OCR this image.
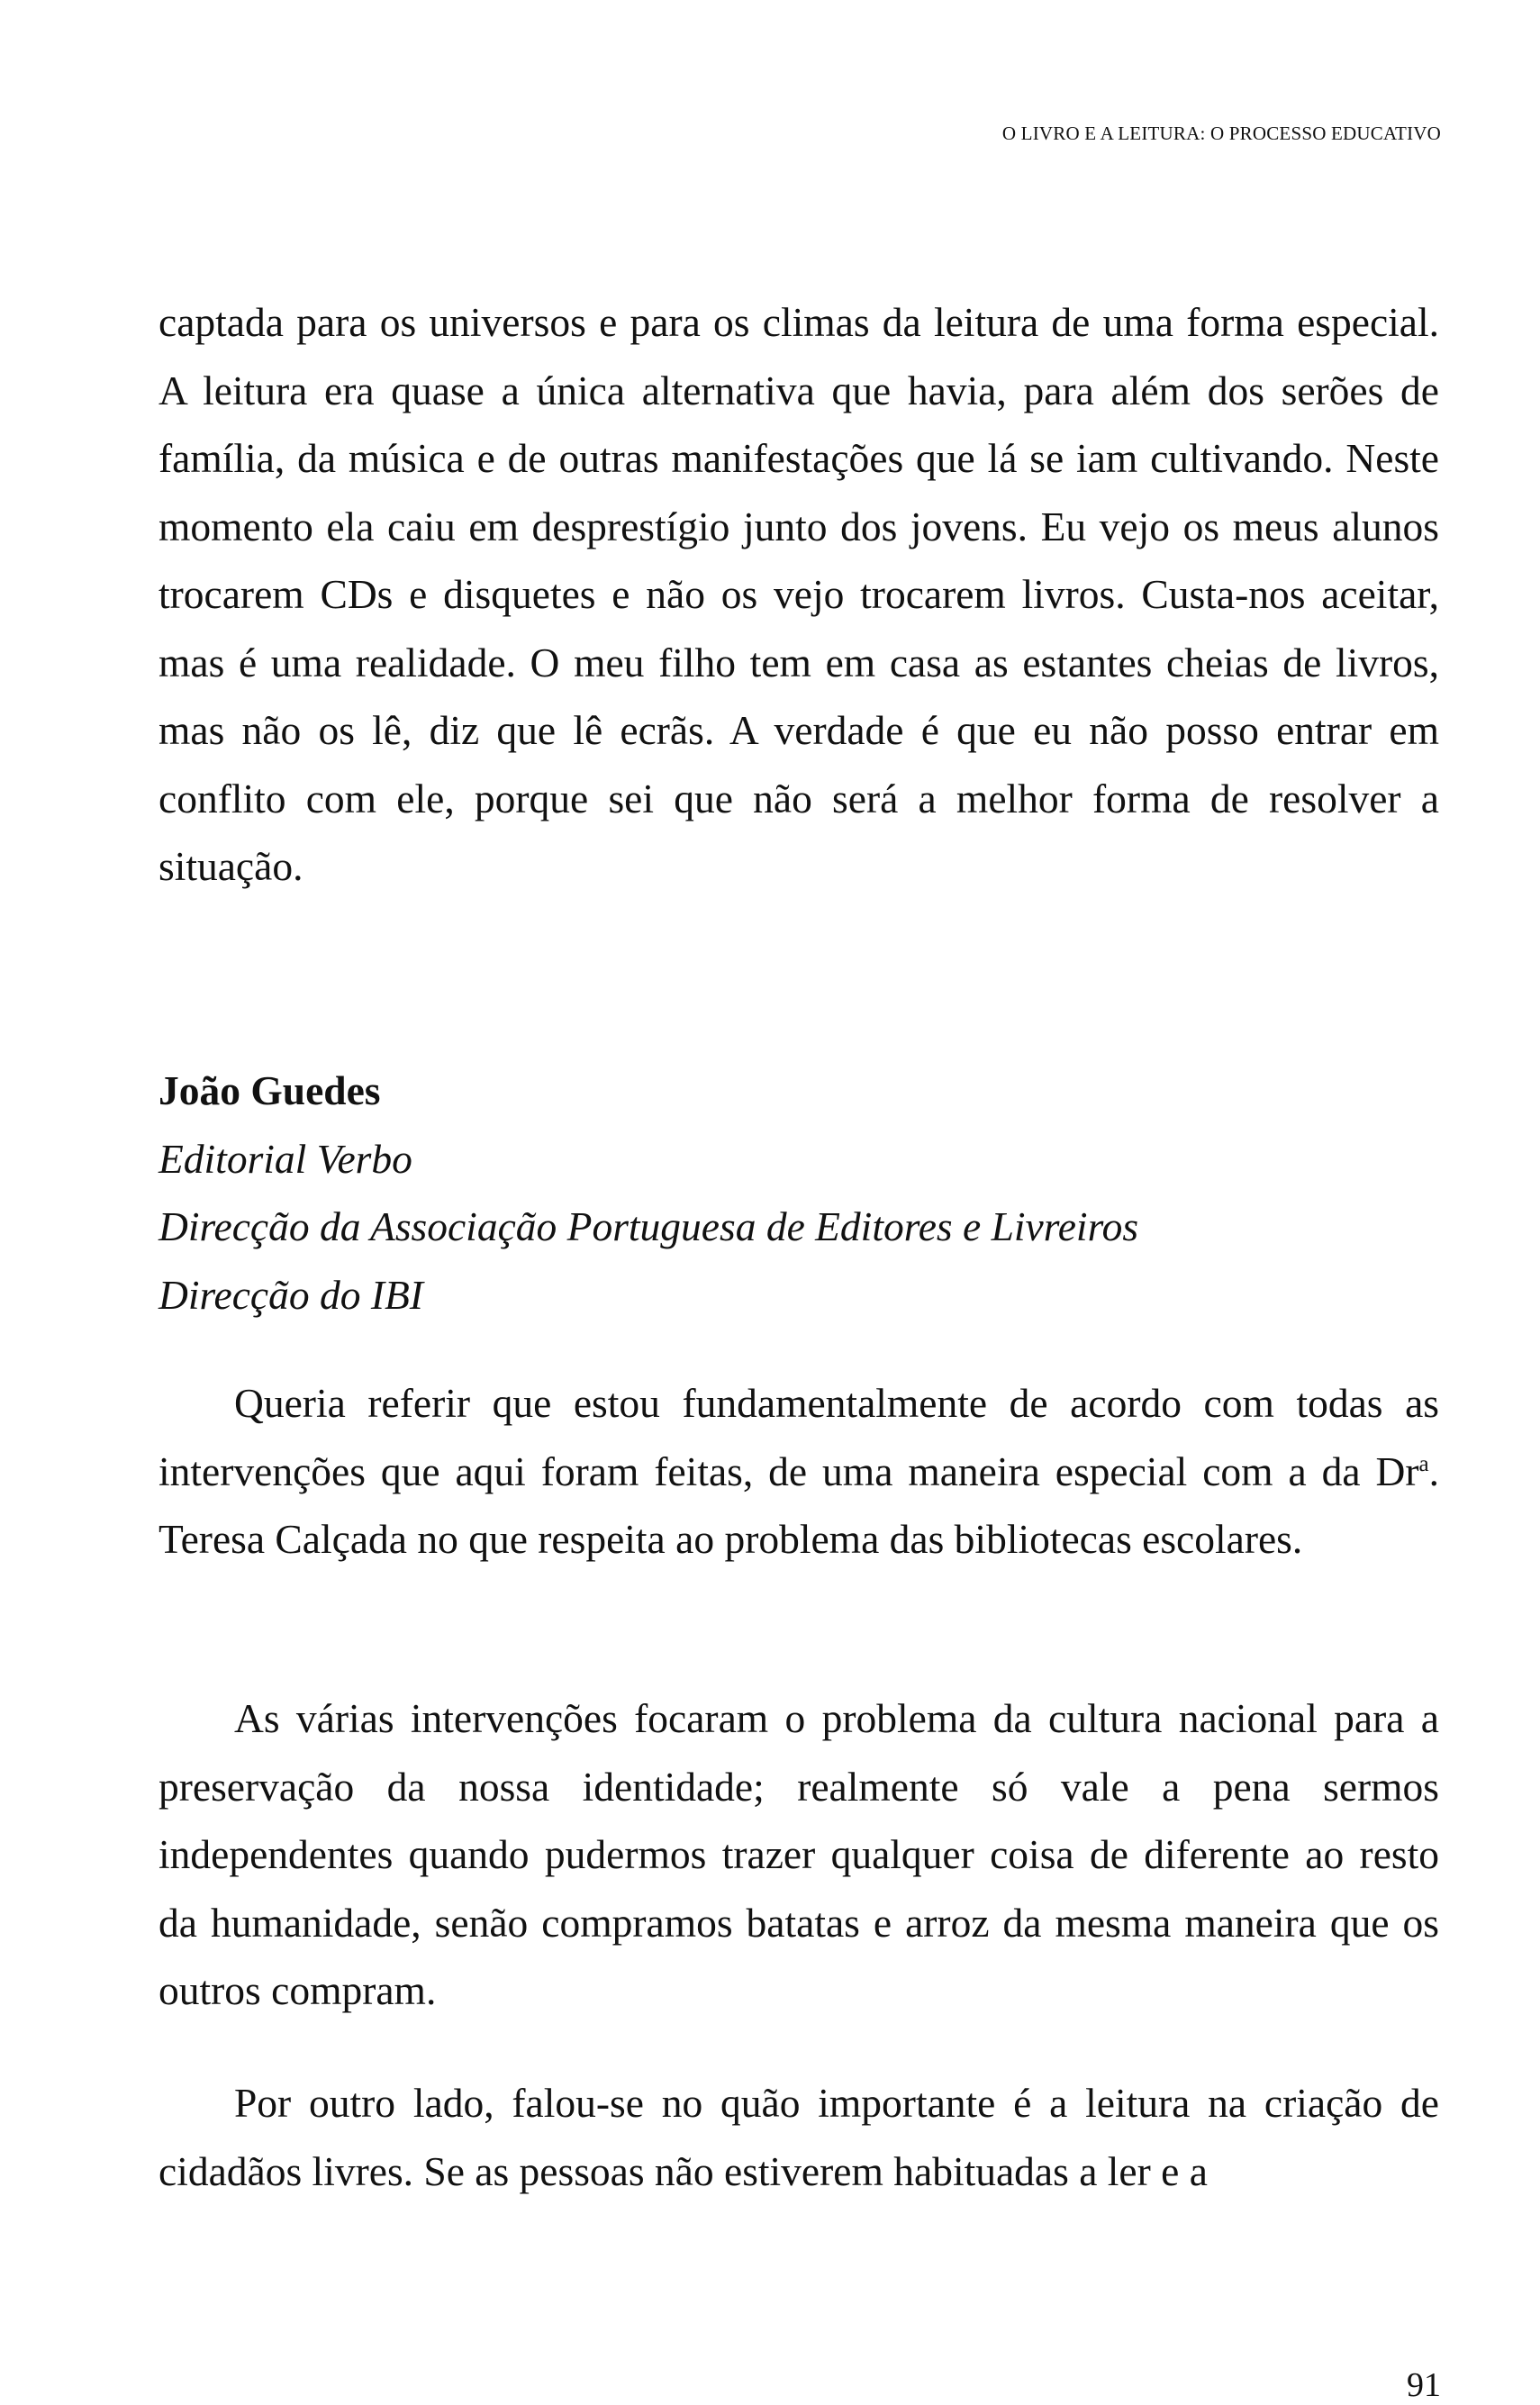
O LIVRO E A LEITURA: O PROCESSO EDUCATIVO

captada para os universos e para os climas da leitura de uma forma especial. A leitura era quase a única alternativa que havia, para além dos serões de família, da música e de outras manifestações que lá se iam cultivando. Neste momento ela caiu em desprestígio junto dos jovens. Eu vejo os meus alunos trocarem CDs e disquetes e não os vejo trocarem livros. Custa-nos aceitar, mas é uma realidade. O meu filho tem em casa as estantes cheias de livros, mas não os lê, diz que lê ecrãs. A verdade é que eu não posso entrar em conflito com ele, porque sei que não será a melhor forma de resolver a situação.

João Guedes
Editorial Verbo
Direcção da Associação Portuguesa de Editores e Livreiros
Direcção do IBI

Queria referir que estou fundamentalmente de acordo com todas as intervenções que aqui foram feitas, de uma maneira especial com a da Dr$^a$. Teresa Calçada no que respeita ao problema das bibliotecas escolares.

As várias intervenções focaram o problema da cultura nacional para a preservação da nossa identidade; realmente só vale a pena sermos independentes quando pudermos trazer qualquer coisa de diferente ao resto da humanidade, senão compramos batatas e arroz da mesma maneira que os outros compram.

Por outro lado, falou-se no quão importante é a leitura na criação de cidadãos livres. Se as pessoas não estiverem habituadas a ler e a

91
